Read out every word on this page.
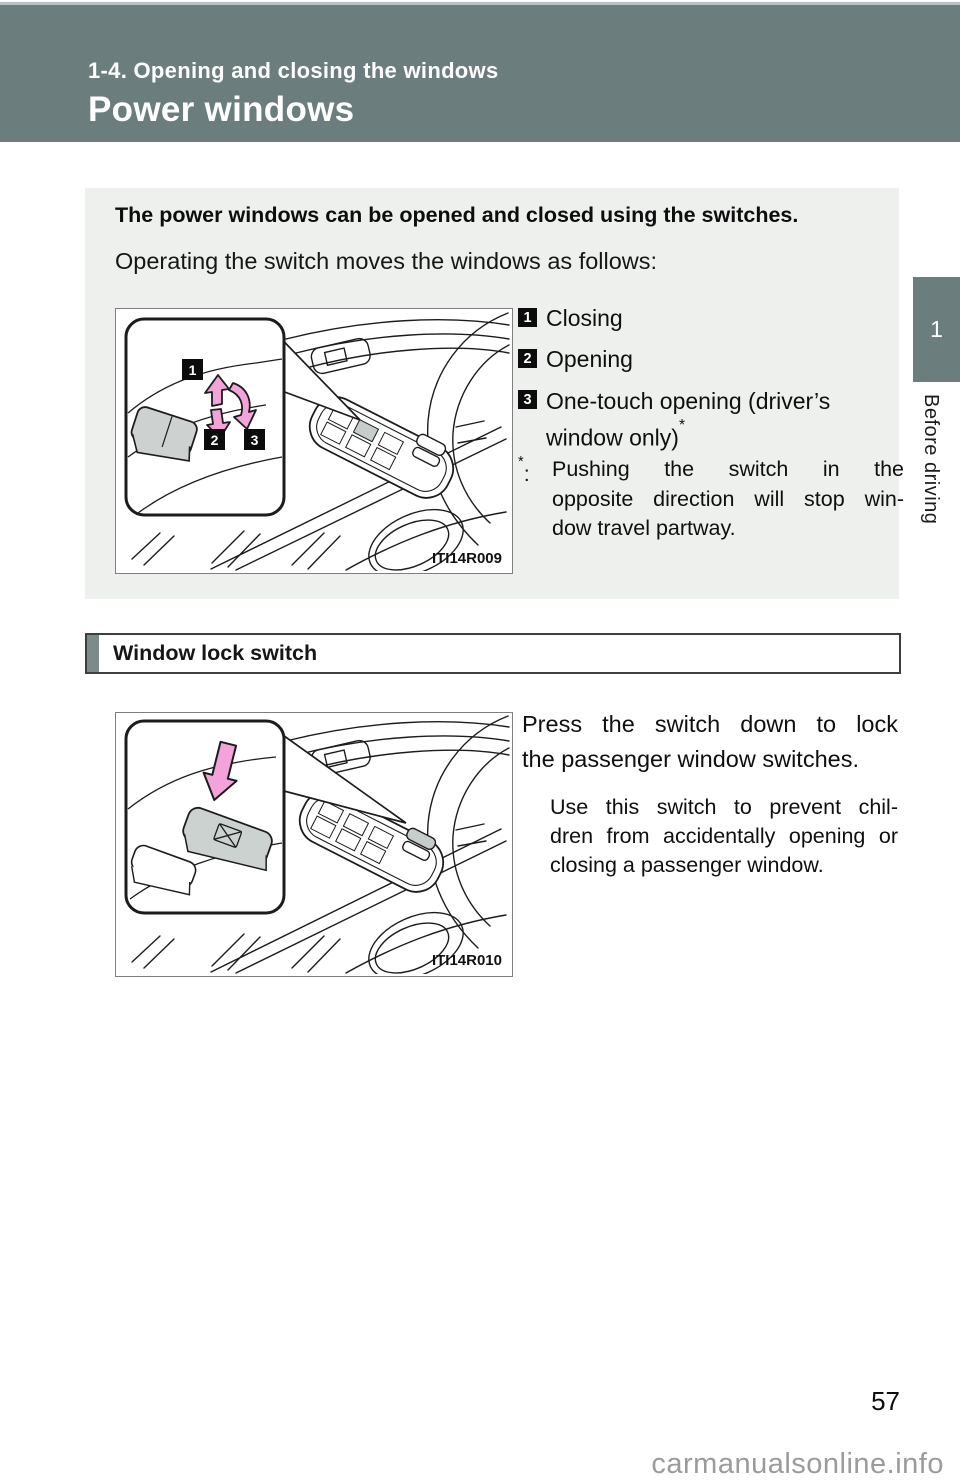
1-4. Opening and closing the windows
Power windows
1
Before driving
The power windows can be opened and closed using the switches.
Operating the switch moves the windows as follows:
1
2 3
ITI14R009
1 Closing
2 Opening
3 One-touch opening (driver’s
window only)*
*: Pushing the switch in the
opposite direction will stop win-
dow travel partway.
Window lock switch
ITI14R010
Press the switch down to lock
the passenger window switches.
Use this switch to prevent chil-
dren from accidentally opening or
closing a passenger window.
57
carmanualsonline.info
